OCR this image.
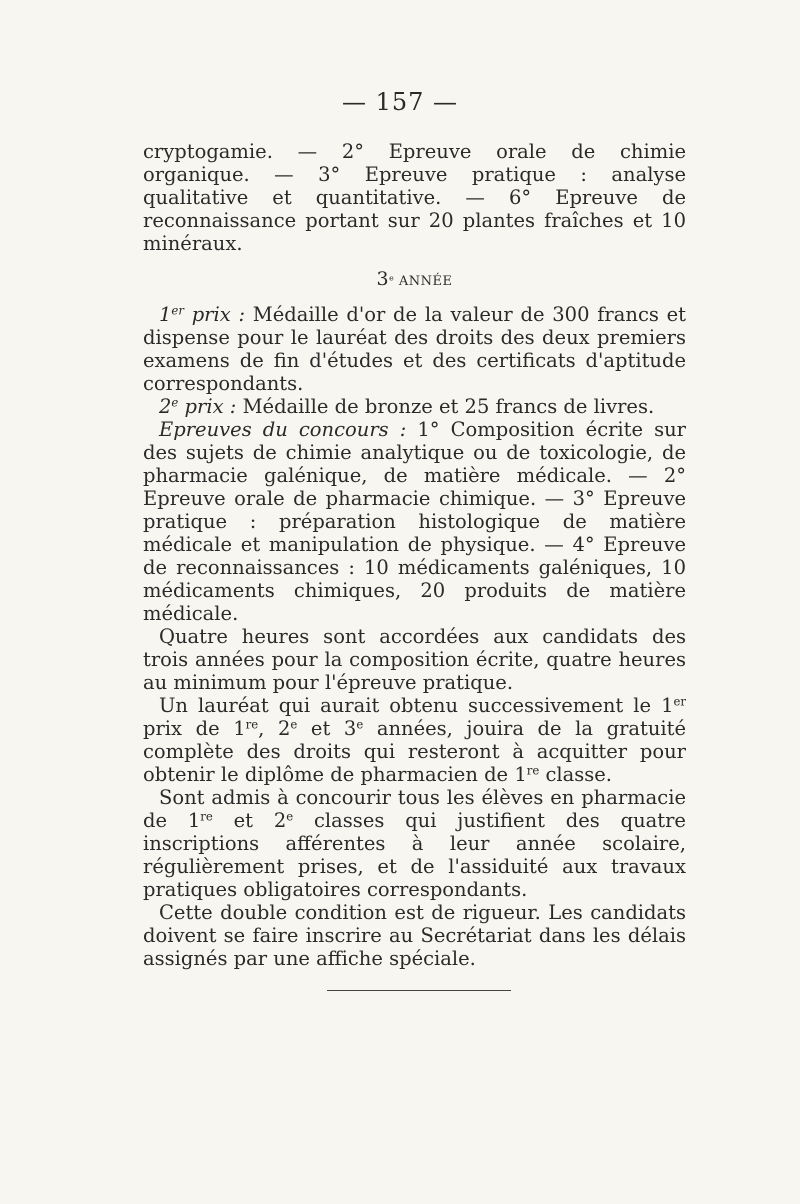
— 157 —

cryptogamie. — 2° Epreuve orale de chimie organique. — 3° Epreuve pratique : analyse qualitative et quantitative. — 6° Epreuve de reconnaissance portant sur 20 plantes fraîches et 10 minéraux.

3e ANNÉE

1er prix : Médaille d'or de la valeur de 300 francs et dispense pour le lauréat des droits des deux premiers examens de fin d'études et des certificats d'aptitude correspondants.

2e prix : Médaille de bronze et 25 francs de livres.

Epreuves du concours : 1° Composition écrite sur des sujets de chimie analytique ou de toxicologie, de pharmacie galénique, de matière médicale. — 2° Epreuve orale de pharmacie chimique. — 3° Epreuve pratique : préparation histologique de matière médicale et manipulation de physique. — 4° Epreuve de reconnaissances : 10 médicaments galéniques, 10 médicaments chimiques, 20 produits de matière médicale.

Quatre heures sont accordées aux candidats des trois années pour la composition écrite, quatre heures au minimum pour l'épreuve pratique.

Un lauréat qui aurait obtenu successivement le 1er prix de 1re, 2e et 3e années, jouira de la gratuité complète des droits qui resteront à acquitter pour obtenir le diplôme de pharmacien de 1re classe.

Sont admis à concourir tous les élèves en pharmacie de 1re et 2e classes qui justifient des quatre inscriptions afférentes à leur année scolaire, régulièrement prises, et de l'assiduité aux travaux pratiques obligatoires correspondants.

Cette double condition est de rigueur. Les candidats doivent se faire inscrire au Secrétariat dans les délais assignés par une affiche spéciale.
